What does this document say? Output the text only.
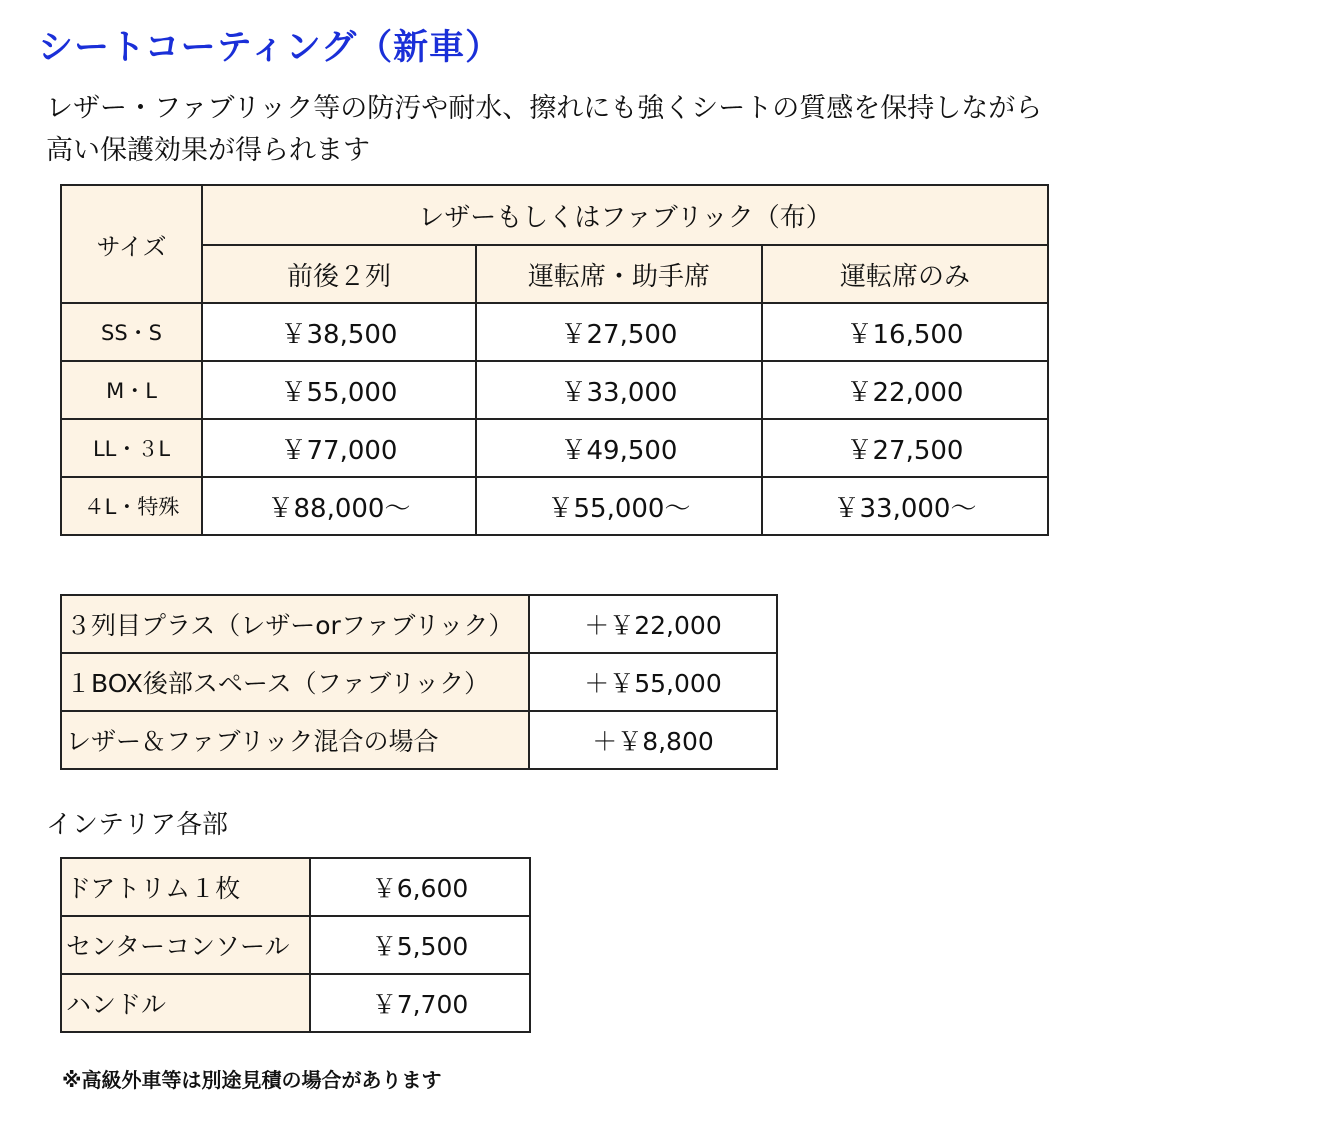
シートコーティング（新車）
レザー・ファブリック等の防汚や耐水、擦れにも強くシートの質感を保持しながら
高い保護効果が得られます
サイズ	レザーもしくはファブリック（布）		
	前後２列	運転席・助手席	運転席のみ
SS・S	￥38,500	￥27,500	￥16,500
M・L	￥55,000	￥33,000	￥22,000
LL・３L	￥77,000	￥49,500	￥27,500
４L・特殊	￥88,000〜	￥55,000〜	￥33,000〜
３列目プラス（レザーorファブリック）	＋￥22,000
１BOX後部スペース（ファブリック）	＋￥55,000
レザー＆ファブリック混合の場合	＋￥8,800
インテリア各部
ドアトリム１枚	￥6,600
センターコンソール	￥5,500
ハンドル	￥7,700
※高級外車等は別途見積の場合があります
